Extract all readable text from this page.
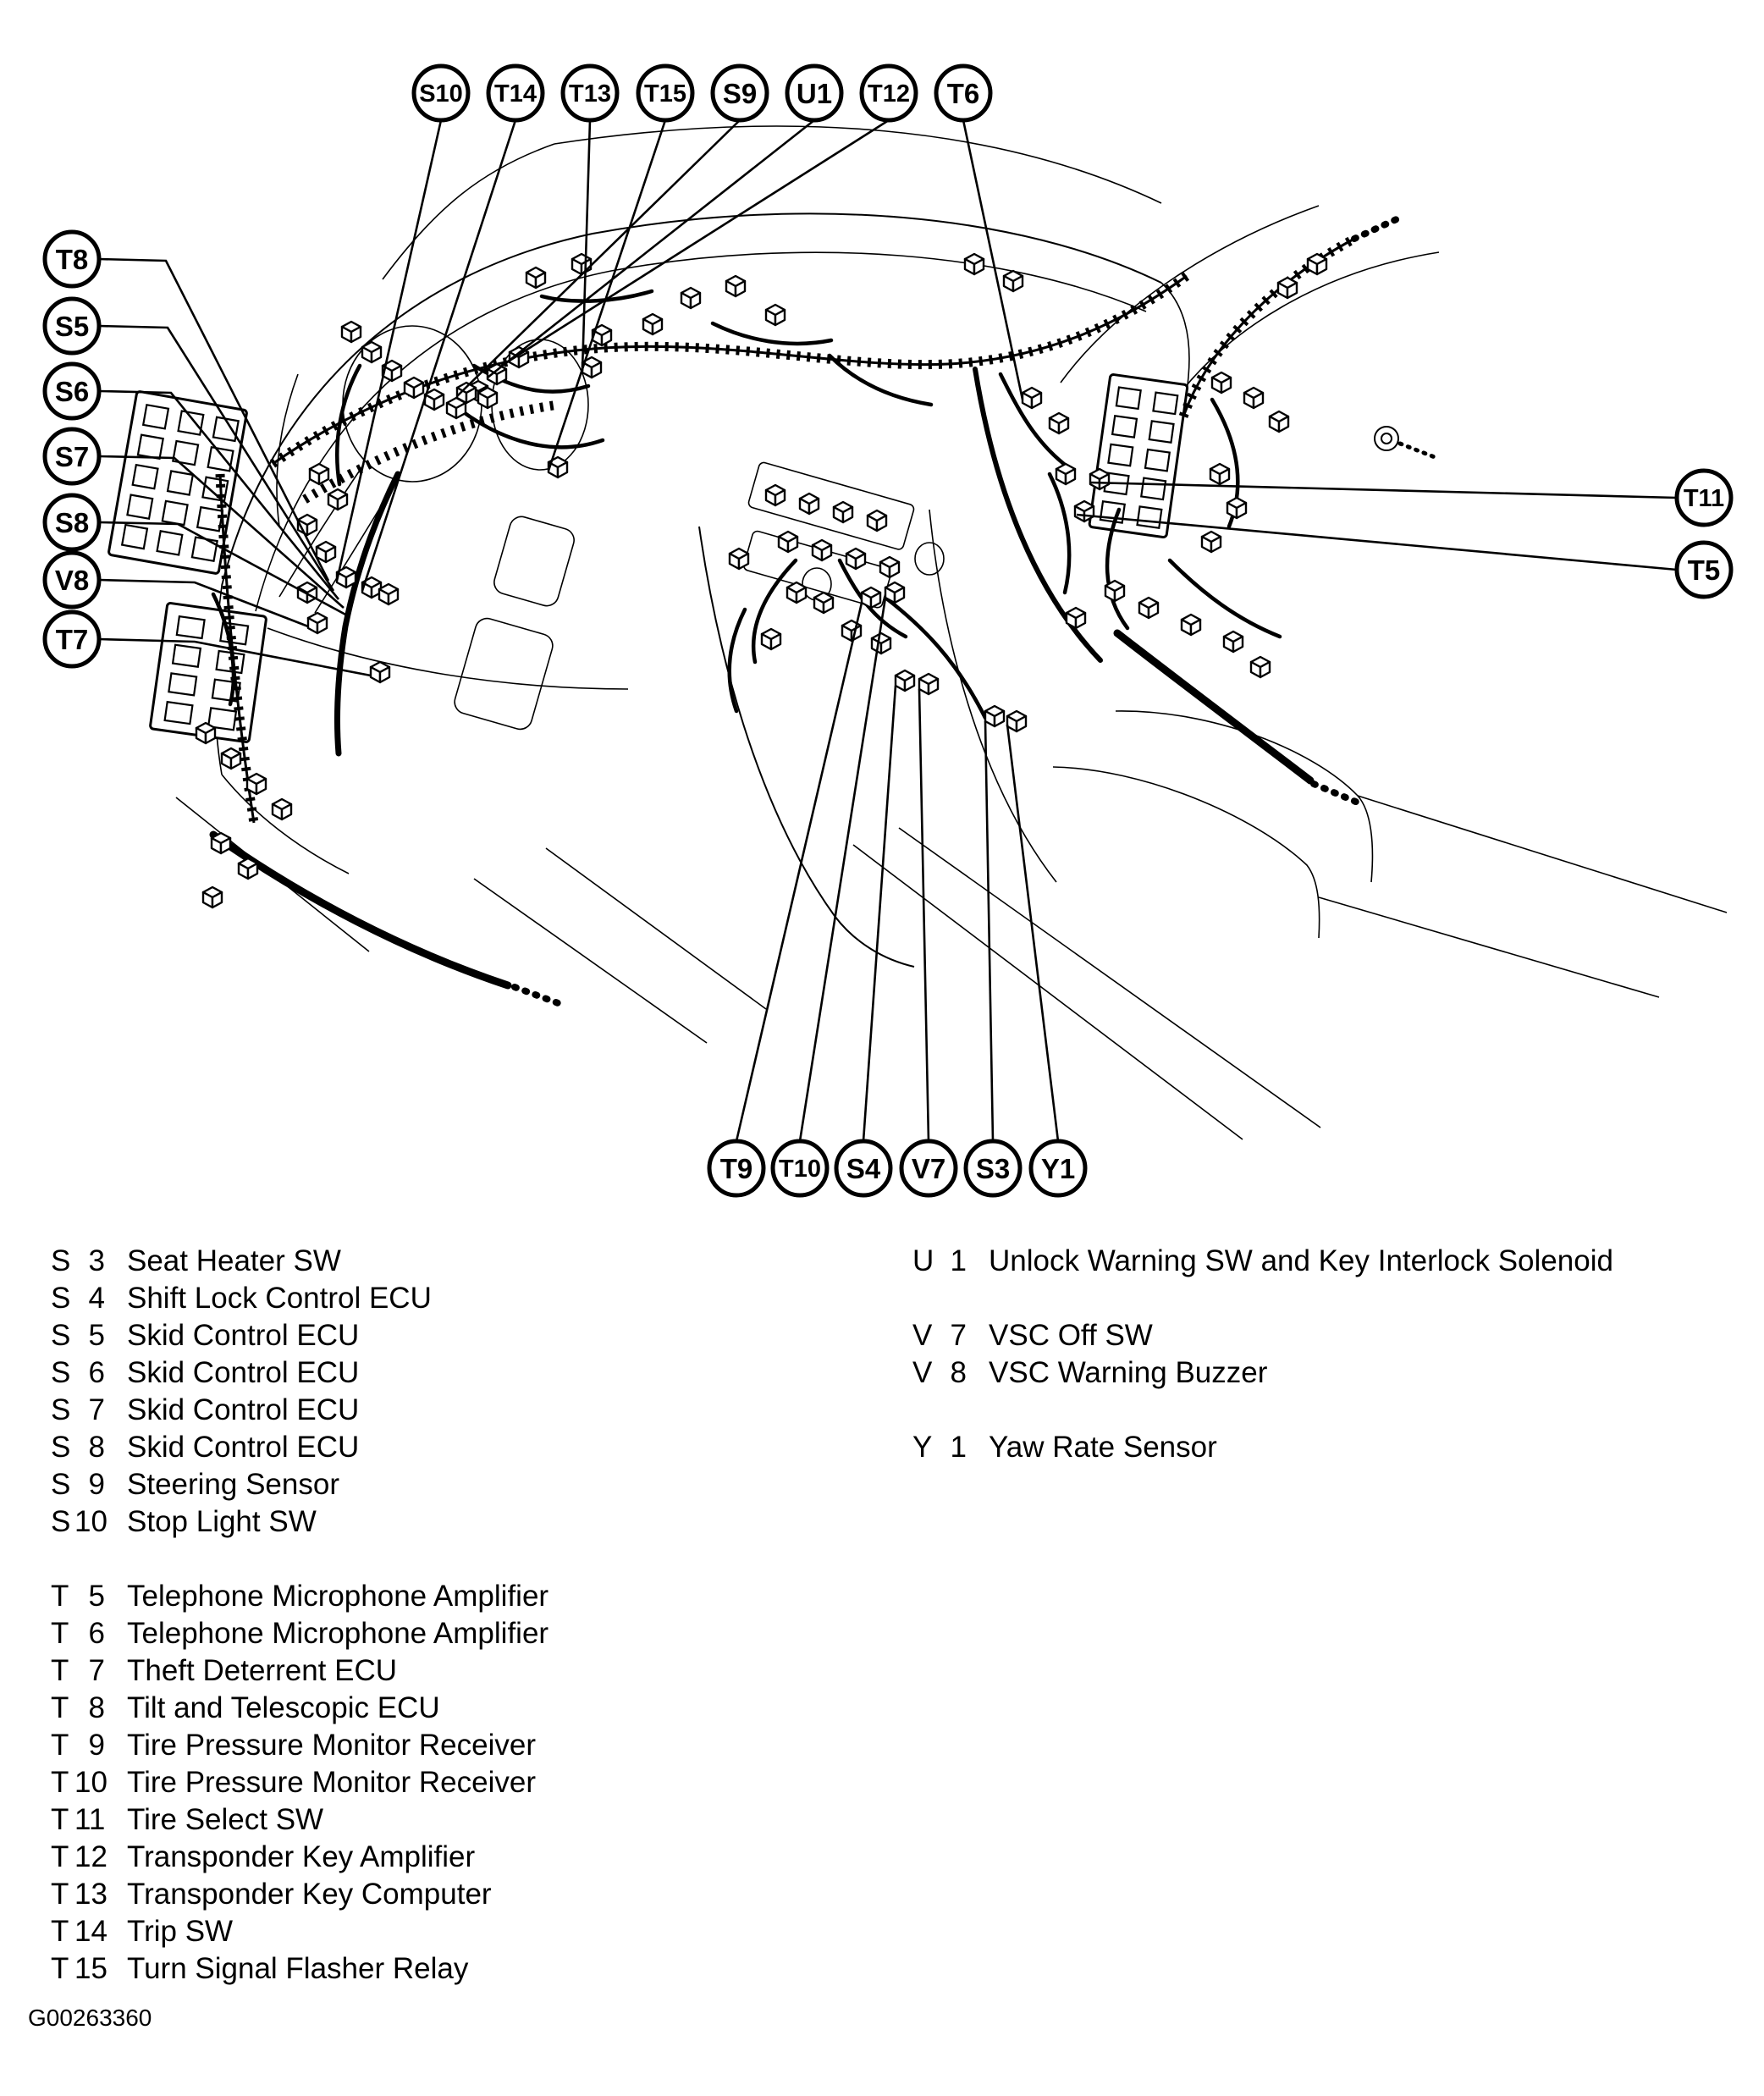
S10 T14 T13 T15 S9 U1 T12 T6
T8
S5
S6
S7
S8
V8
T7
T11
T5
T9 T10 S4 V7 S3 Y1
S 3 Seat Heater SW
S 4 Shift Lock Control ECU
S 5 Skid Control ECU
S 6 Skid Control ECU
S 7 Skid Control ECU
S 8 Skid Control ECU
S 9 Steering Sensor
S 10 Stop Light SW
T 5 Telephone Microphone Amplifier
T 6 Telephone Microphone Amplifier
T 7 Theft Deterrent ECU
T 8 Tilt and Telescopic ECU
T 9 Tire Pressure Monitor Receiver
T 10 Tire Pressure Monitor Receiver
T 11 Tire Select SW
T 12 Transponder Key Amplifier
T 13 Transponder Key Computer
T 14 Trip SW
T 15 Turn Signal Flasher Relay
U 1 Unlock Warning SW and Key Interlock Solenoid
V 7 VSC Off SW
V 8 VSC Warning Buzzer
Y 1 Yaw Rate Sensor
G00263360
